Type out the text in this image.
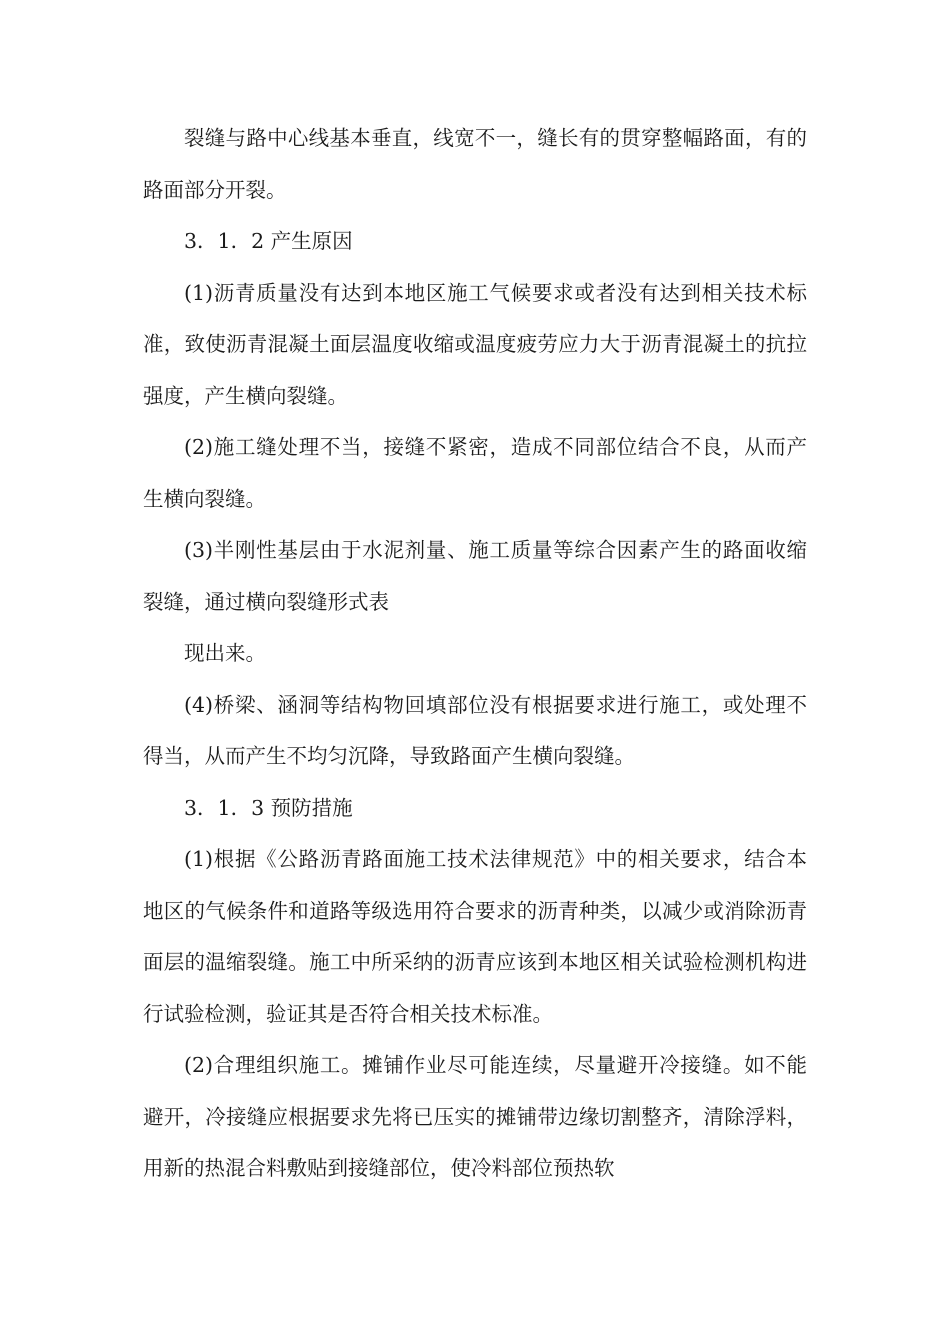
裂缝与路中心线基本垂直，线宽不一，缝长有的贯穿整幅路面，有的路面部分开裂。

3．1．2 产生原因

(1)沥青质量没有达到本地区施工气候要求或者没有达到相关技术标准，致使沥青混凝土面层温度收缩或温度疲劳应力大于沥青混凝土的抗拉强度，产生横向裂缝。

(2)施工缝处理不当，接缝不紧密，造成不同部位结合不良，从而产生横向裂缝。

(3)半刚性基层由于水泥剂量、施工质量等综合因素产生的路面收缩裂缝，通过横向裂缝形式表

现出来。

(4)桥梁、涵洞等结构物回填部位没有根据要求进行施工，或处理不得当，从而产生不均匀沉降，导致路面产生横向裂缝。

3．1．3 预防措施

(1)根据《公路沥青路面施工技术法律规范》中的相关要求，结合本地区的气候条件和道路等级选用符合要求的沥青种类，以减少或消除沥青面层的温缩裂缝。施工中所采纳的沥青应该到本地区相关试验检测机构进行试验检测，验证其是否符合相关技术标准。

(2)合理组织施工。摊铺作业尽可能连续，尽量避开冷接缝。如不能避开，冷接缝应根据要求先将已压实的摊铺带边缘切割整齐，清除浮料，用新的热混合料敷贴到接缝部位，使冷料部位预热软
